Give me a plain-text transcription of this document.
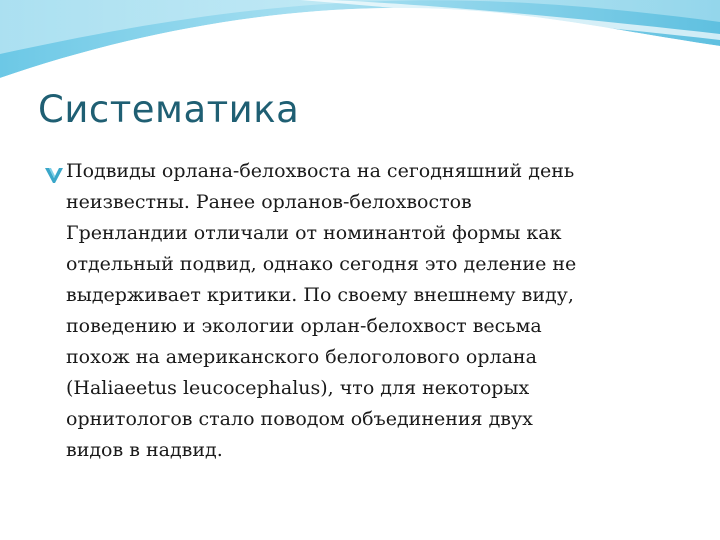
Систематика

Подвиды орлана-белохвоста на сегодняшний день
неизвестны. Ранее орланов-белохвостов
Гренландии отличали от номинантой формы как
отдельный подвид, однако сегодня это деление не
выдерживает критики. По своему внешнему виду,
поведению и экологии орлан-белохвост весьма
похож на американского белоголового орлана
(Haliaeetus leucocephalus), что для некоторых
орнитологов стало поводом объединения двух
видов в надвид.
